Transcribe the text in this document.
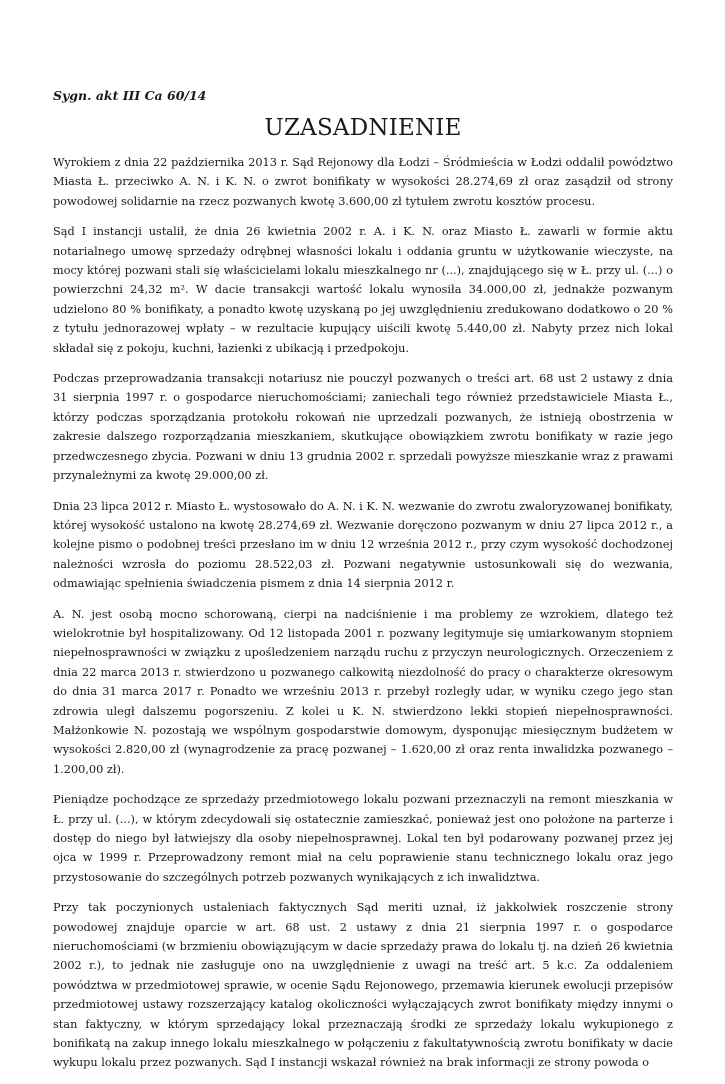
Sygn. akt III Ca 60/14

UZASADNIENIE

Wyrokiem z dnia 22 października 2013 r. Sąd Rejonowy dla Łodzi – Śródmieścia w Łodzi oddalił powództwo Miasta Ł. przeciwko A. N. i K. N. o zwrot bonifikaty w wysokości 28.274,69 zł oraz zasądził od strony powodowej solidarnie na rzecz pozwanych kwotę 3.600,00 zł tytułem zwrotu kosztów procesu.

Sąd I instancji ustalił, że dnia 26 kwietnia 2002 r. A. i K. N. oraz Miasto Ł. zawarli w formie aktu notarialnego umowę sprzedaży odrębnej własności lokalu i oddania gruntu w użytkowanie wieczyste, na mocy której pozwani stali się właścicielami lokalu mieszkalnego nr (...), znajdującego się w Ł. przy ul. (...) o powierzchni 24,32 m². W dacie transakcji wartość lokalu wynosiła 34.000,00 zł, jednakże pozwanym udzielono 80 % bonifikaty, a ponadto kwotę uzyskaną po jej uwzględnieniu zredukowano dodatkowo o 20 % z tytułu jednorazowej wpłaty – w rezultacie kupujący uiścili kwotę 5.440,00 zł. Nabyty przez nich lokal składał się z pokoju, kuchni, łazienki z ubikacją i przedpokoju.

Podczas przeprowadzania transakcji notariusz nie pouczył pozwanych o treści art. 68 ust 2 ustawy z dnia 31 sierpnia 1997 r. o gospodarce nieruchomościami; zaniechali tego również przedstawiciele Miasta Ł., którzy podczas sporządzania protokołu rokowań nie uprzedzali pozwanych, że istnieją obostrzenia w zakresie dalszego rozporządzania mieszkaniem, skutkujące obowiązkiem zwrotu bonifikaty w razie jego przedwczesnego zbycia. Pozwani w dniu 13 grudnia 2002 r. sprzedali powyższe mieszkanie wraz z prawami przynależnymi za kwotę 29.000,00 zł.

Dnia 23 lipca 2012 r. Miasto Ł. wystosowało do A. N. i K. N. wezwanie do zwrotu zwaloryzowanej bonifikaty, której wysokość ustalono na kwotę 28.274,69 zł. Wezwanie doręczono pozwanym w dniu 27 lipca 2012 r., a kolejne pismo o podobnej treści przesłano im w dniu 12 września 2012 r., przy czym wysokość dochodzonej należności wzrosła do poziomu 28.522,03 zł. Pozwani negatywnie ustosunkowali się do wezwania, odmawiając spełnienia świadczenia pismem z dnia 14 sierpnia 2012 r.

A. N. jest osobą mocno schorowaną, cierpi na nadciśnienie i ma problemy ze wzrokiem, dlatego też wielokrotnie był hospitalizowany. Od 12 listopada 2001 r. pozwany legitymuje się umiarkowanym stopniem niepełnosprawności w związku z upośledzeniem narządu ruchu z przyczyn neurologicznych. Orzeczeniem z dnia 22 marca 2013 r. stwierdzono u pozwanego całkowitą niezdolność do pracy o charakterze okresowym do dnia 31 marca 2017 r. Ponadto we wrześniu 2013 r. przebył rozległy udar, w wyniku czego jego stan zdrowia uległ dalszemu pogorszeniu. Z kolei u K. N. stwierdzono lekki stopień niepełnosprawności. Małżonkowie N. pozostają we wspólnym gospodarstwie domowym, dysponując miesięcznym budżetem w wysokości 2.820,00 zł (wynagrodzenie za pracę pozwanej – 1.620,00 zł oraz renta inwalidzka pozwanego – 1.200,00 zł).

Pieniądze pochodzące ze sprzedaży przedmiotowego lokalu pozwani przeznaczyli na remont mieszkania w Ł. przy ul. (...), w którym zdecydowali się ostatecznie zamieszkać, ponieważ jest ono położone na parterze i dostęp do niego był łatwiejszy dla osoby niepełnosprawnej. Lokal ten był podarowany pozwanej przez jej ojca w 1999 r. Przeprowadzony remont miał na celu poprawienie stanu technicznego lokalu oraz jego przystosowanie do szczególnych potrzeb pozwanych wynikających z ich inwalidztwa.

Przy tak poczynionych ustaleniach faktycznych Sąd meriti uznał, iż jakkolwiek roszczenie strony powodowej znajduje oparcie w art. 68 ust. 2 ustawy z dnia 21 sierpnia 1997 r. o gospodarce nieruchomościami (w brzmieniu obowiązującym w dacie sprzedaży prawa do lokalu tj. na dzień 26 kwietnia 2002 r.), to jednak nie zasługuje ono na uwzględnienie z uwagi na treść art. 5 k.c. Za oddaleniem powództwa w przedmiotowej sprawie, w ocenie Sądu Rejonowego, przemawia kierunek ewolucji przepisów przedmiotowej ustawy rozszerzający katalog okoliczności wyłączających zwrot bonifikaty między innymi o stan faktyczny, w którym sprzedający lokal przeznaczają środki ze sprzedaży lokalu wykupionego z bonifikatą na zakup innego lokalu mieszkalnego w połączeniu z fakultatywnością zwrotu bonifikaty w dacie wykupu lokalu przez pozwanych. Sąd I instancji wskazał również na brak informacji ze strony powoda o
